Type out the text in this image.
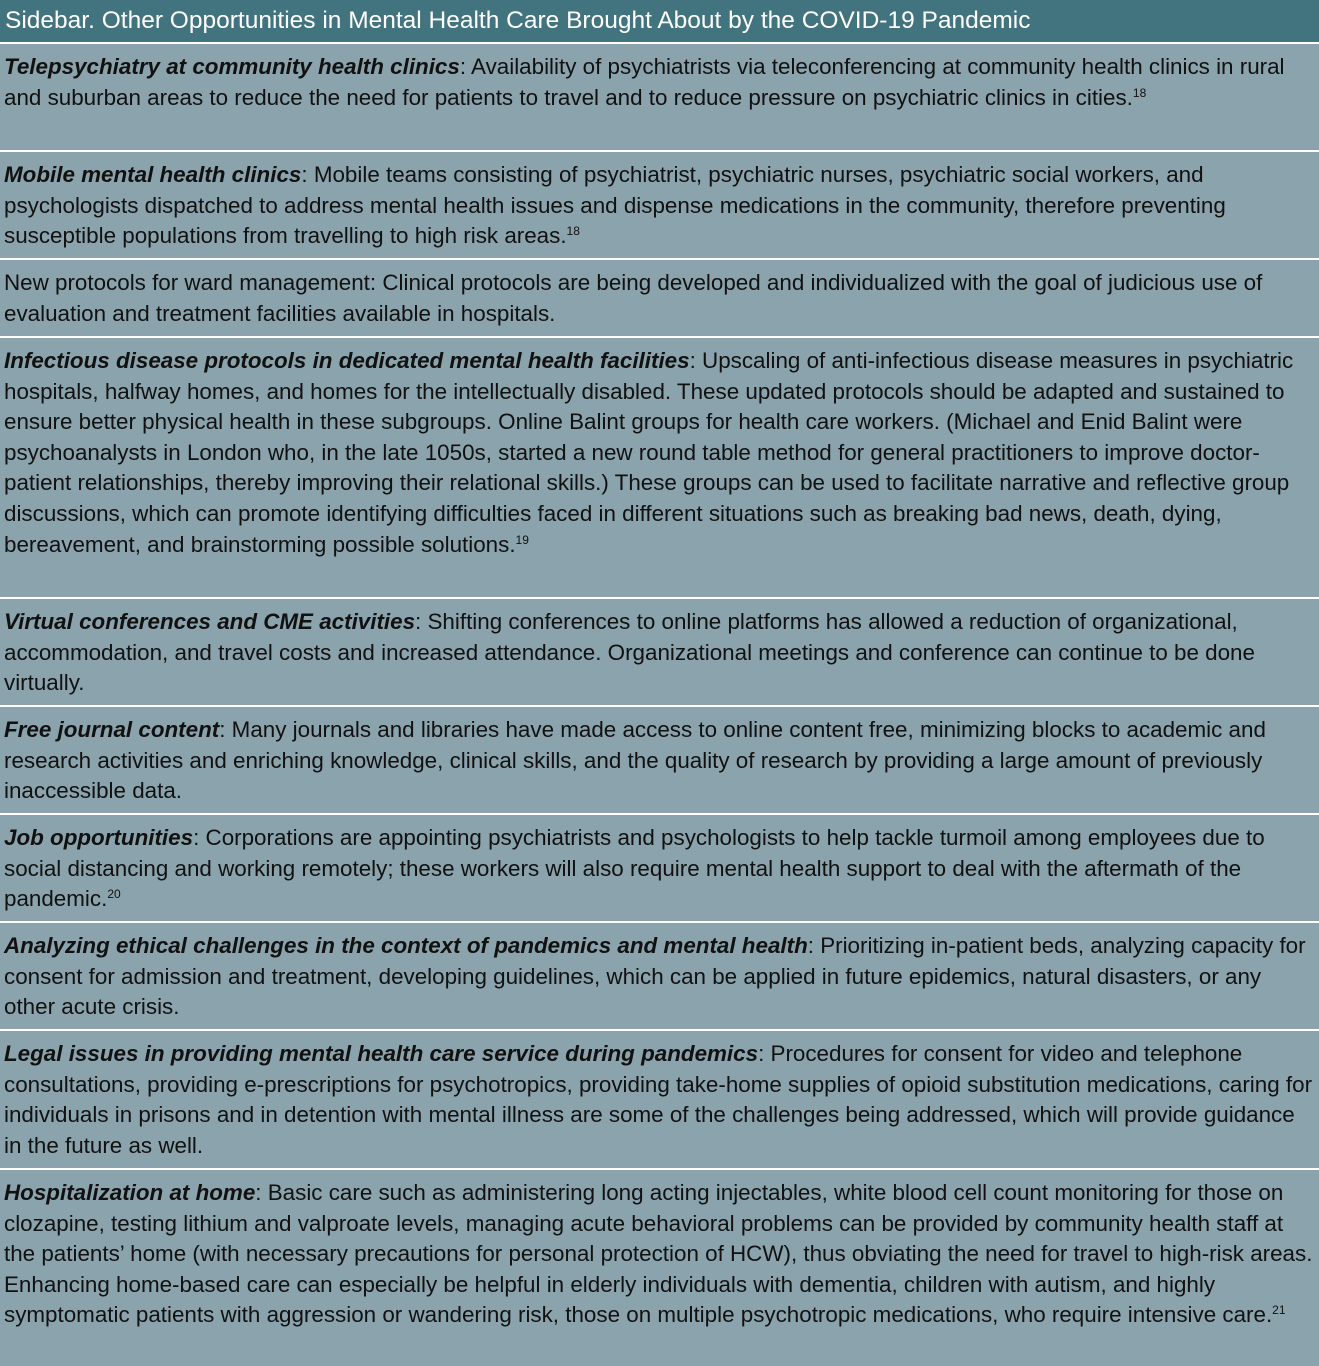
Sidebar. Other Opportunities in Mental Health Care Brought About by the COVID-19 Pandemic
Telepsychiatry at community health clinics: Availability of psychiatrists via teleconferencing at community health clinics in rural and suburban areas to reduce the need for patients to travel and to reduce pressure on psychiatric clinics in cities.$^{18}$
Mobile mental health clinics: Mobile teams consisting of psychiatrist, psychiatric nurses, psychiatric social workers, and psychologists dispatched to address mental health issues and dispense medications in the community, therefore preventing susceptible populations from travelling to high risk areas.$^{18}$
New protocols for ward management: Clinical protocols are being developed and individualized with the goal of judicious use of evaluation and treatment facilities available in hospitals.
Infectious disease protocols in dedicated mental health facilities: Upscaling of anti-infectious disease measures in psychiatric hospitals, halfway homes, and homes for the intellectually disabled. These updated protocols should be adapted and sustained to ensure better physical health in these subgroups. Online Balint groups for health care workers. (Michael and Enid Balint were psychoanalysts in London who, in the late 1050s, started a new round table method for general practitioners to improve doctor-patient relationships, thereby improving their relational skills.) These groups can be used to facilitate narrative and reflective group discussions, which can promote identifying difficulties faced in different situations such as breaking bad news, death, dying, bereavement, and brainstorming possible solutions.$^{19}$
Virtual conferences and CME activities: Shifting conferences to online platforms has allowed a reduction of organizational, accommodation, and travel costs and increased attendance. Organizational meetings and conference can continue to be done virtually.
Free journal content: Many journals and libraries have made access to online content free, minimizing blocks to academic and research activities and enriching knowledge, clinical skills, and the quality of research by providing a large amount of previously inaccessible data.
Job opportunities: Corporations are appointing psychiatrists and psychologists to help tackle turmoil among employees due to social distancing and working remotely; these workers will also require mental health support to deal with the aftermath of the pandemic.$^{20}$
Analyzing ethical challenges in the context of pandemics and mental health: Prioritizing in-patient beds, analyzing capacity for consent for admission and treatment, developing guidelines, which can be applied in future epidemics, natural disasters, or any other acute crisis.
Legal issues in providing mental health care service during pandemics: Procedures for consent for video and telephone consultations, providing e-prescriptions for psychotropics, providing take-home supplies of opioid substitution medications, caring for individuals in prisons and in detention with mental illness are some of the challenges being addressed, which will provide guidance in the future as well.
Hospitalization at home: Basic care such as administering long acting injectables, white blood cell count monitoring for those on clozapine, testing lithium and valproate levels, managing acute behavioral problems can be provided by community health staff at the patients’ home (with necessary precautions for personal protection of HCW), thus obviating the need for travel to high-risk areas. Enhancing home-based care can especially be helpful in elderly individuals with dementia, children with autism, and highly symptomatic patients with aggression or wandering risk, those on multiple psychotropic medications, who require intensive care.$^{21}$
